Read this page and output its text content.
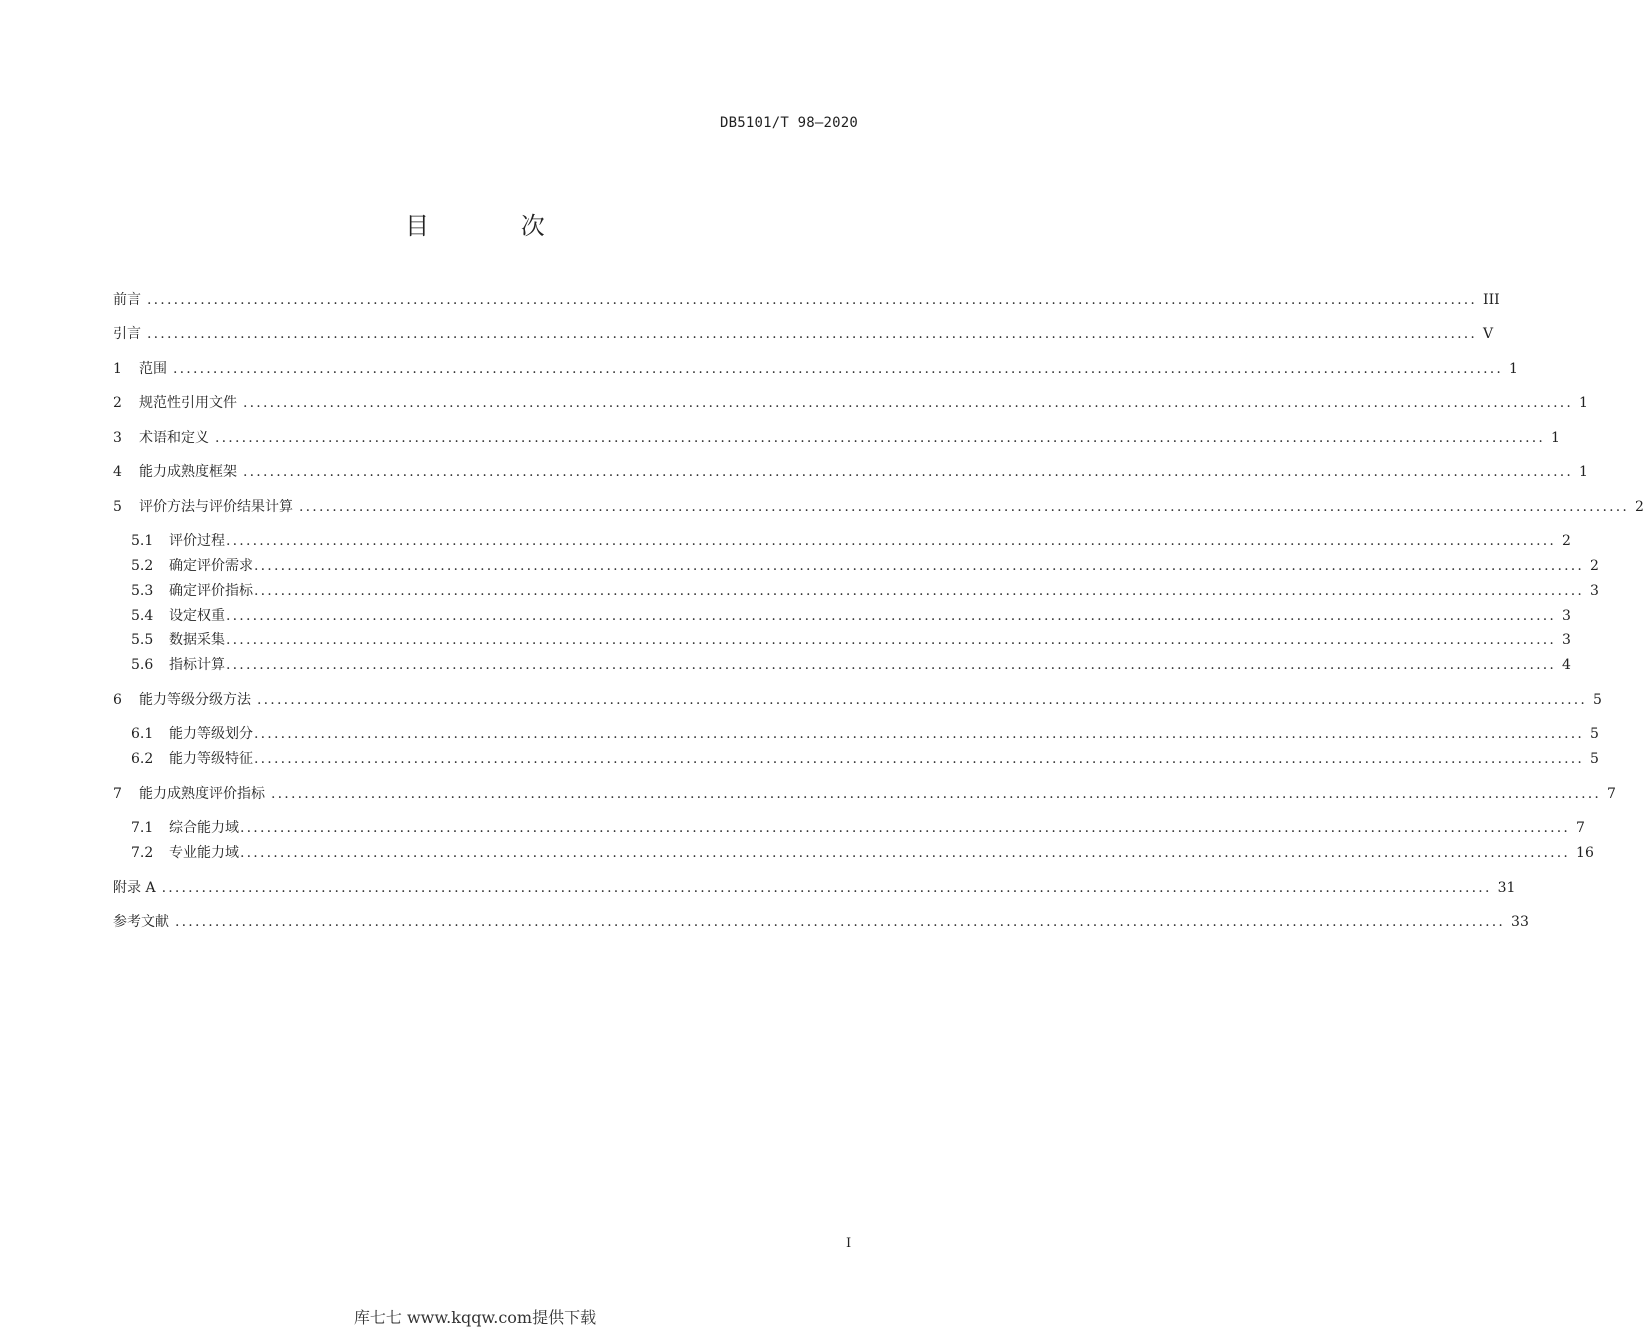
DB5101/T 98—2020
目 次
前言 ........................................................................................................................................................................................................ III
引言 ........................................................................................................................................................................................................ V
1	范围 ........................................................................................................................................................................................................ 1
2	规范性引用文件 ........................................................................................................................................................................................................ 1
3	术语和定义 ........................................................................................................................................................................................................ 1
4	能力成熟度框架 ........................................................................................................................................................................................................ 1
5	评价方法与评价结果计算 ........................................................................................................................................................................................................ 2
5.1	评价过程 ........................................................................................................................................................................................................ 2
5.2	确定评价需求 ........................................................................................................................................................................................................ 2
5.3	确定评价指标 ........................................................................................................................................................................................................ 3
5.4	设定权重 ........................................................................................................................................................................................................ 3
5.5	数据采集 ........................................................................................................................................................................................................ 3
5.6	指标计算 ........................................................................................................................................................................................................ 4
6	能力等级分级方法 ........................................................................................................................................................................................................ 5
6.1	能力等级划分 ........................................................................................................................................................................................................ 5
6.2	能力等级特征 ........................................................................................................................................................................................................ 5
7	能力成熟度评价指标 ........................................................................................................................................................................................................ 7
7.1	综合能力域 ........................................................................................................................................................................................................ 7
7.2	专业能力域 ........................................................................................................................................................................................................ 16
附录 A ........................................................................................................................................................................................................ 31
参考文献 ........................................................................................................................................................................................................ 33
I
库七七 www.kqqw.com提供下载
